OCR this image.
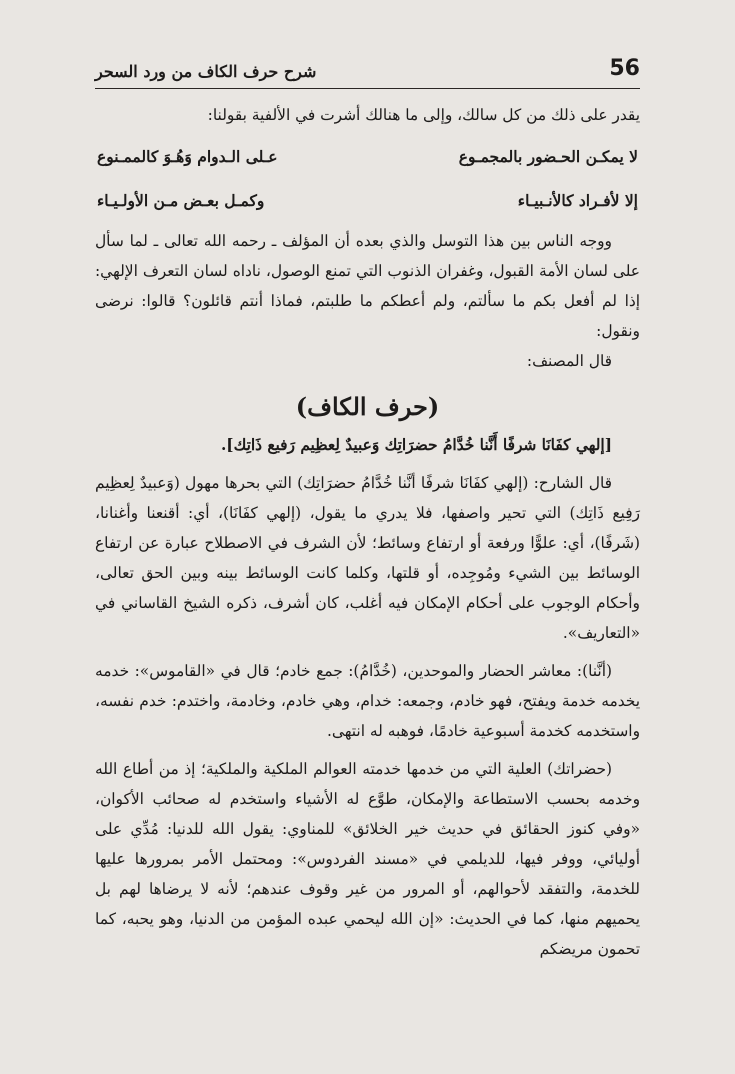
56
شرح حرف الكاف من ورد السحر

يقدر على ذلك من كل سالك، وإلى ما هنالك أشرت في الألفية بقولنا:

لا يمكـن الحـضور بالمجمـوع
عـلى الـدوام وَهُـوَ كالممـنوع
إلا لأفـراد كالأنـبيـاء
وكمـل بعـض مـن الأولـيـاء

ووجه الناس بين هذا التوسل والذي بعده أن المؤلف ـ رحمه الله تعالى ـ لما سأل على لسان الأمة القبول، وغفران الذنوب التي تمنع الوصول، ناداه لسان التعرف الإلهي: إذا لم أفعل بكم ما سألتم، ولم أعطكم ما طلبتم، فماذا أنتم قائلون؟ قالوا: نرضى ونقول:

قال المصنف:

(حرف الكاف)

[إلهي كفَانَا شرفًا أَنَّنا خُدَّامُ حضرَاتِك وَعبيدٌ لِعظِيم رَفيع ذَاتِك].

قال الشارح: (إلهي كفَانَا شرفًا أنَّنا خُدَّامُ حضرَاتِك) التي بحرها مهول (وَعبيدٌ لِعظِيم رَفِيع ذَاتِك) التي تحير واصفها، فلا يدري ما يقول، (إلهي كفَانَا)، أي: أقنعنا وأغنانا، (شَرفًا)، أي: علوًّا ورفعة أو ارتفاع وسائط؛ لأن الشرف في الاصطلاح عبارة عن ارتفاع الوسائط بين الشيء ومُوجِده، أو قلتها، وكلما كانت الوسائط بينه وبين الحق تعالى، وأحكام الوجوب على أحكام الإمكان فيه أغلب، كان أشرف، ذكره الشيخ القاساني في «التعاريف».

(أنَّنا): معاشر الحضار والموحدين، (خُدَّامُ): جمع خادم؛ قال في «القاموس»: خدمه يخدمه خدمة ويفتح، فهو خادم، وجمعه: خدام، وهي خادم، وخادمة، واختدم: خدم نفسه، واستخدمه كخدمة أسبوعية خادمًا، فوهبه له انتهى.

(حضراتك) العلية التي من خدمها خدمته العوالم الملكية والملكية؛ إذ من أطاع الله وخدمه بحسب الاستطاعة والإمكان، طوَّع له الأشياء واستخدم له صحائب الأكوان، «وفي كنوز الحقائق في حديث خير الخلائق» للمناوي: يقول الله للدنيا: مُدِّي على أوليائي، ووفر فيها، للديلمي في «مسند الفردوس»: ومحتمل الأمر بمرورها عليها للخدمة، والتفقد لأحوالهم، أو المرور من غير وقوف عندهم؛ لأنه لا يرضاها لهم بل يحميهم منها، كما في الحديث: «إن الله ليحمي عبده المؤمن من الدنيا، وهو يحبه، كما تحمون مريضكم
